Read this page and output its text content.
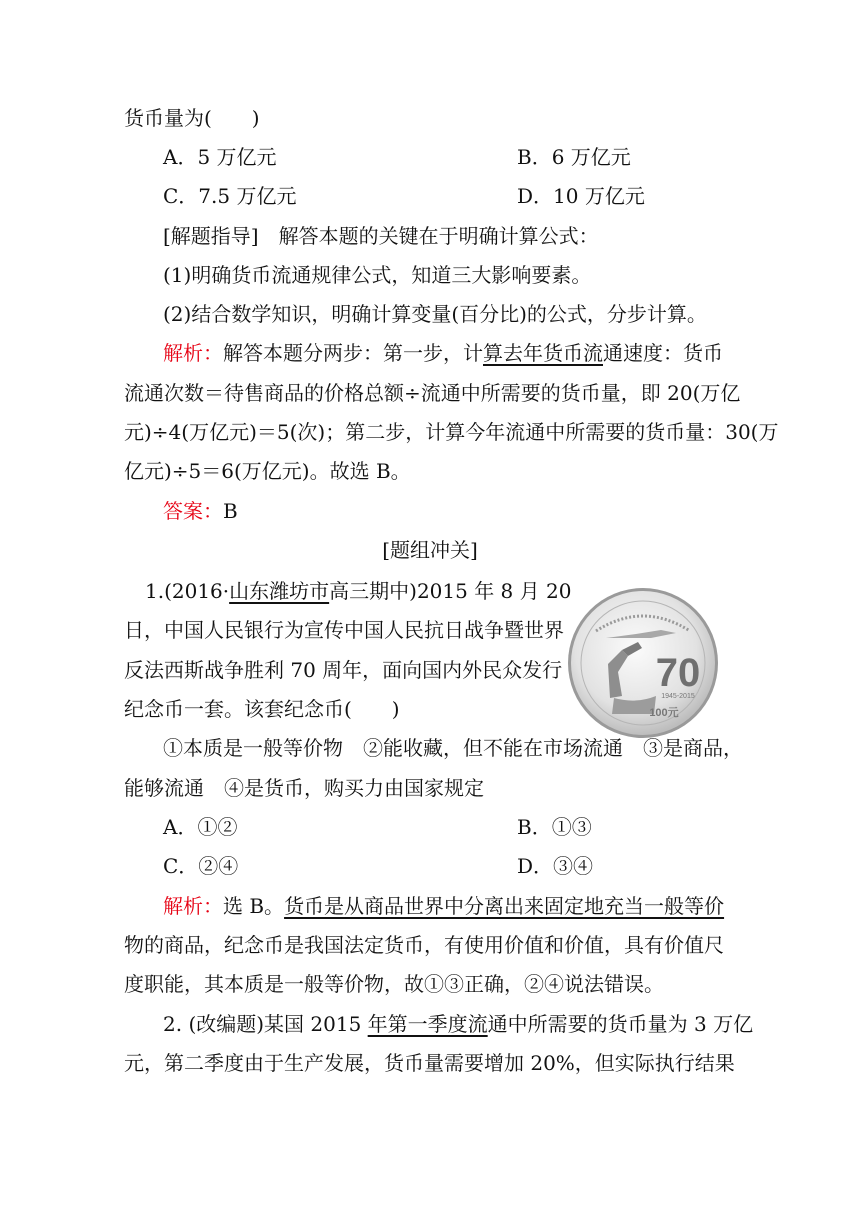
货币量为(　　)
A．5 万亿元	B．6 万亿元
C．7.5 万亿元	D．10 万亿元
[解题指导]　解答本题的关键在于明确计算公式：
(1)明确货币流通规律公式，知道三大影响要素。
(2)结合数学知识，明确计算变量(百分比)的公式，分步计算。
解析：解答本题分两步：第一步，计算去年货币流通速度：货币
流通次数＝待售商品的价格总额÷流通中所需要的货币量，即 20(万亿
元)÷4(万亿元)＝5(次)；第二步，计算今年流通中所需要的货币量：30(万
亿元)÷5＝6(万亿元)。故选 B。
答案：B
[题组冲关]
1.(2016·山东潍坊市高三期中)2015 年 8 月 20
日，中国人民银行为宣传中国人民抗日战争暨世界
反法西斯战争胜利 70 周年，面向国内外民众发行
纪念币一套。该套纪念币(　　)
70
1945-2015
100元
①本质是一般等价物　②能收藏，但不能在市场流通　③是商品，
能够流通　④是货币，购买力由国家规定
A．①②	B．①③
C．②④	D．③④
解析：选 B。货币是从商品世界中分离出来固定地充当一般等价
物的商品，纪念币是我国法定货币，有使用价值和价值，具有价值尺
度职能，其本质是一般等价物，故①③正确，②④说法错误。
2. (改编题)某国 2015 年第一季度流通中所需要的货币量为 3 万亿
元，第二季度由于生产发展，货币量需要增加 20%，但实际执行结果
